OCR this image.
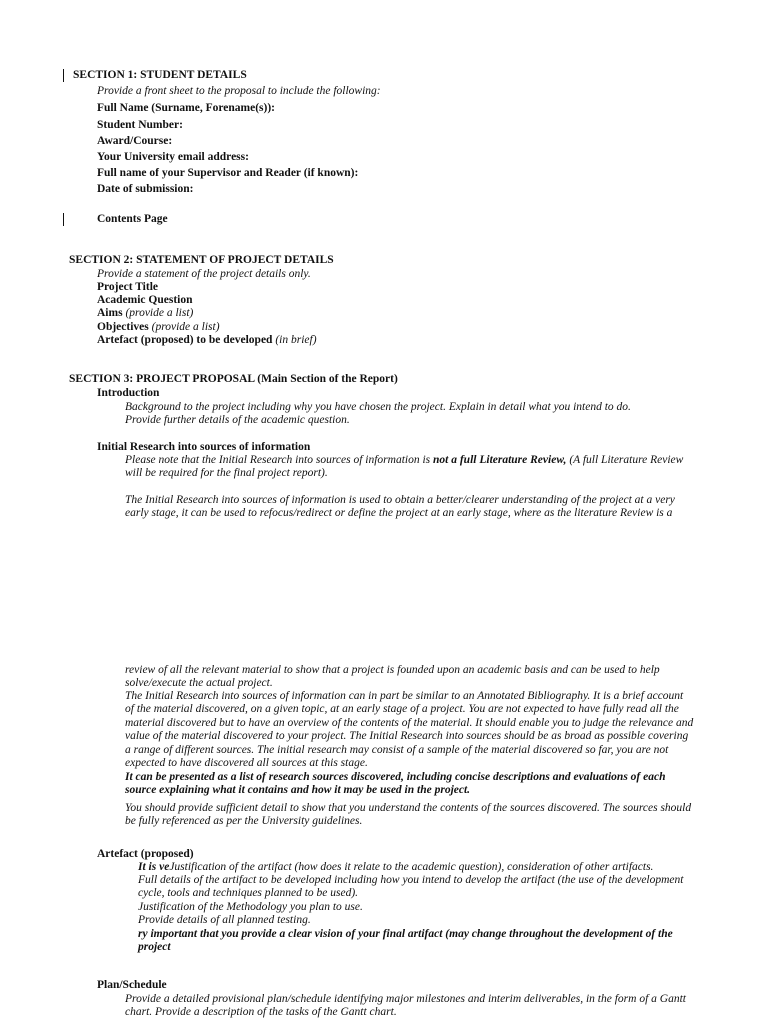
SECTION 1: STUDENT DETAILS
Provide a front sheet to the proposal to include the following:
Full Name (Surname, Forename(s)):
Student Number:
Award/Course:
Your University email address:
Full name of your Supervisor and Reader (if known):
Date of submission:
Contents Page
SECTION 2: STATEMENT OF PROJECT DETAILS
Provide a statement of the project details only.
Project Title
Academic Question
Aims (provide a list)
Objectives (provide a list)
Artefact (proposed) to be developed (in brief)
SECTION 3: PROJECT PROPOSAL (Main Section of the Report)
Introduction
Background to the project including why you have chosen the project. Explain in detail what you intend to do.
Provide further details of the academic question.
Initial Research into sources of information
Please note that the Initial Research into sources of information is not a full Literature Review, (A full Literature Review will be required for the final project report).
The Initial Research into sources of information is used to obtain a better/clearer understanding of the project at a very early stage, it can be used to refocus/redirect or define the project at an early stage, where as the literature Review is a
review of all the relevant material to show that a project is founded upon an academic basis and can be used to help solve/execute the actual project.
The Initial Research into sources of information can in part be similar to an Annotated Bibliography. It is a brief account of the material discovered, on a given topic, at an early stage of a project. You are not expected to have fully read all the material discovered but to have an overview of the contents of the material. It should enable you to judge the relevance and value of the material discovered to your project. The Initial Research into sources should be as broad as possible covering a range of different sources. The initial research may consist of a sample of the material discovered so far, you are not expected to have discovered all sources at this stage.
It can be presented as a list of research sources discovered, including concise descriptions and evaluations of each source explaining what it contains and how it may be used in the project.
You should provide sufficient detail to show that you understand the contents of the sources discovered. The sources should be fully referenced as per the University guidelines.
Artefact (proposed)
It is veJustification of the artifact (how does it relate to the academic question), consideration of other artifacts.
Full details of the artifact to be developed including how you intend to develop the artifact (the use of the development cycle, tools and techniques planned to be used).
Justification of the Methodology you plan to use.
Provide details of all planned testing.
ry important that you provide a clear vision of your final artifact (may change throughout the development of the project
Plan/Schedule
Provide a detailed provisional plan/schedule identifying major milestones and interim deliverables, in the form of a Gantt chart. Provide a description of the tasks of the Gantt chart.
